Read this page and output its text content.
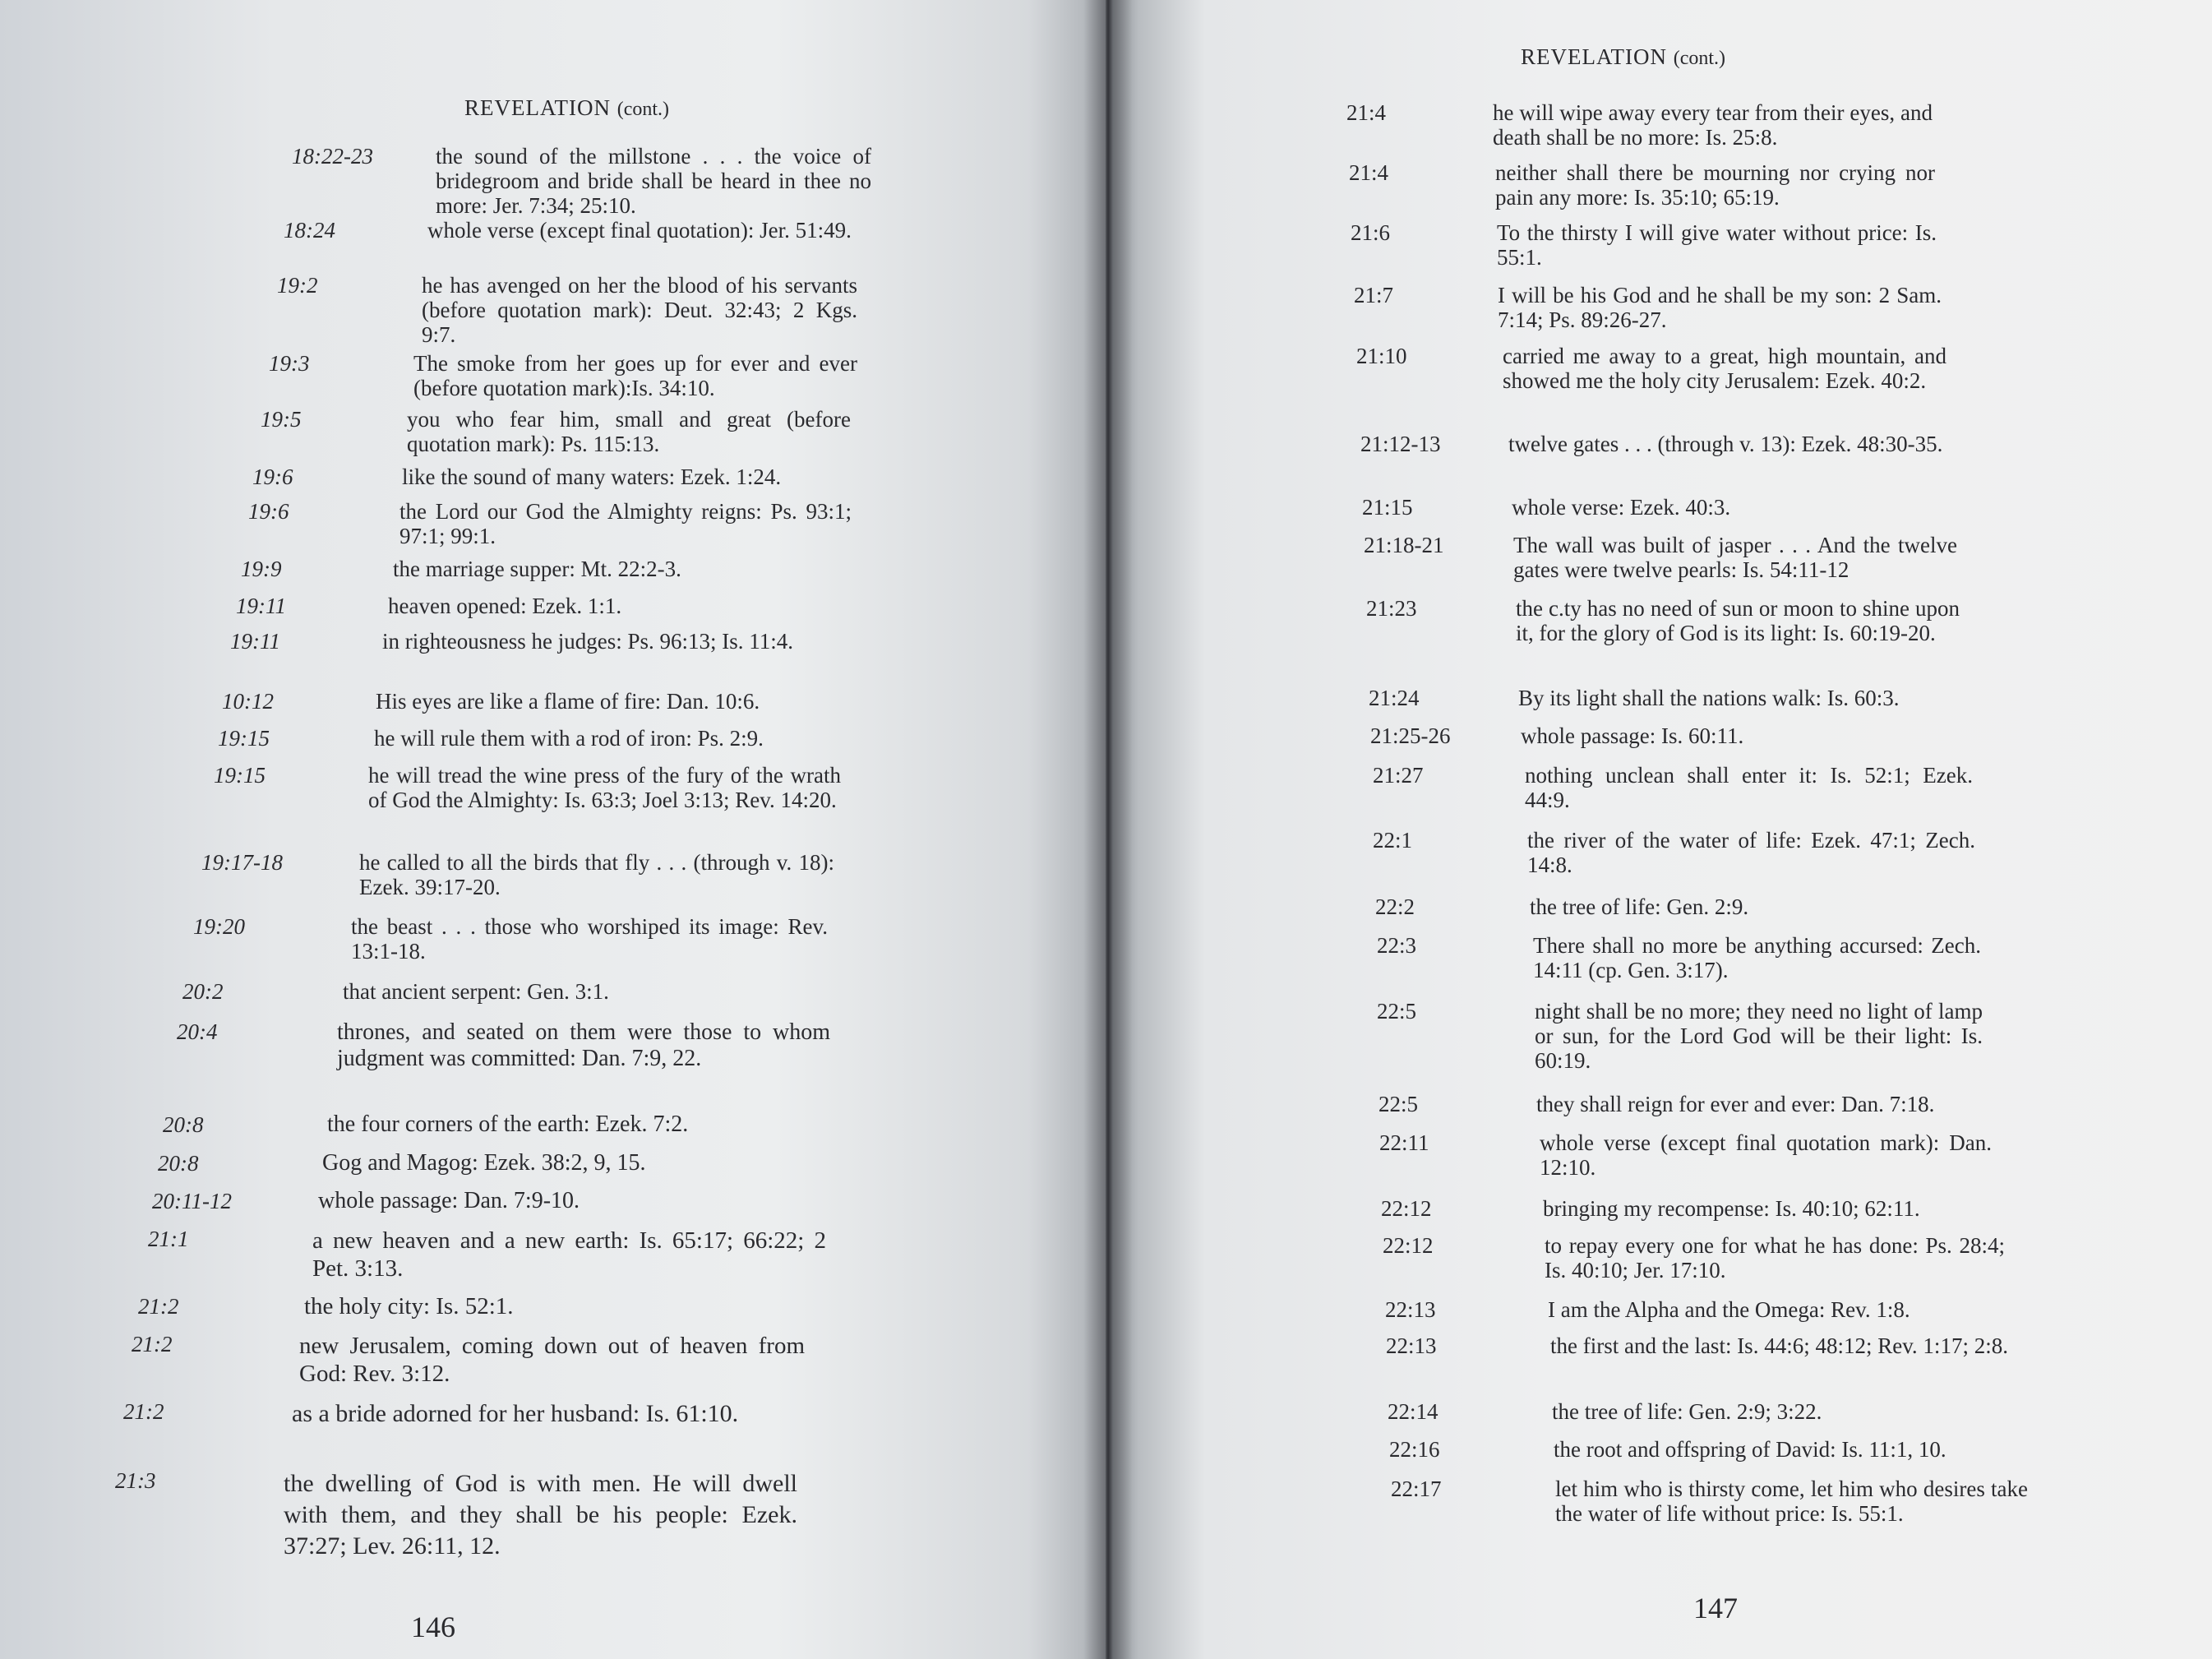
REVELATION (cont.)
18:22-23	the sound of the millstone . . . the voice of bridegroom and bride shall be heard in thee no more: Jer. 7:34; 25:10.
18:24	whole verse (except final quotation): Jer. 51:49.
19:2	he has avenged on her the blood of his servants (before quotation mark): Deut. 32:43; 2 Kgs. 9:7.
19:3	The smoke from her goes up for ever and ever (before quotation mark):Is. 34:10.
19:5	you who fear him, small and great (before quotation mark): Ps. 115:13.
19:6	like the sound of many waters: Ezek. 1:24.
19:6	the Lord our God the Almighty reigns: Ps. 93:1; 97:1; 99:1.
19:9	the marriage supper: Mt. 22:2-3.
19:11	heaven opened: Ezek. 1:1.
19:11	in righteousness he judges: Ps. 96:13; Is. 11:4.
10:12	His eyes are like a flame of fire: Dan. 10:6.
19:15	he will rule them with a rod of iron: Ps. 2:9.
19:15	he will tread the wine press of the fury of the wrath of God the Almighty: Is. 63:3; Joel 3:13; Rev. 14:20.
19:17-18	he called to all the birds that fly . . . (through v. 18): Ezek. 39:17-20.
19:20	the beast . . . those who worshiped its image: Rev. 13:1-18.
20:2	that ancient serpent: Gen. 3:1.
20:4	thrones, and seated on them were those to whom judgment was committed: Dan. 7:9, 22.
20:8	the four corners of the earth: Ezek. 7:2.
20:8	Gog and Magog: Ezek. 38:2, 9, 15.
20:11-12	whole passage: Dan. 7:9-10.
21:1	a new heaven and a new earth: Is. 65:17; 66:22; 2 Pet. 3:13.
21:2	the holy city: Is. 52:1.
21:2	new Jerusalem, coming down out of heaven from God: Rev. 3:12.
21:2	as a bride adorned for her husband: Is. 61:10.
21:3	the dwelling of God is with men. He will dwell with them, and they shall be his people: Ezek. 37:27; Lev. 26:11, 12.
146
REVELATION (cont.)
21:4	he will wipe away every tear from their eyes, and death shall be no more: Is. 25:8.
21:4	neither shall there be mourning nor crying nor pain any more: Is. 35:10; 65:19.
21:6	To the thirsty I will give water without price: Is. 55:1.
21:7	I will be his God and he shall be my son: 2 Sam. 7:14; Ps. 89:26-27.
21:10	carried me away to a great, high mountain, and showed me the holy city Jerusalem: Ezek. 40:2.
21:12-13	twelve gates . . . (through v. 13): Ezek. 48:30-35.
21:15	whole verse: Ezek. 40:3.
21:18-21	The wall was built of jasper . . . And the twelve gates were twelve pearls: Is. 54:11-12
21:23	the c.ty has no need of sun or moon to shine upon it, for the glory of God is its light: Is. 60:19-20.
21:24	By its light shall the nations walk: Is. 60:3.
21:25-26	whole passage: Is. 60:11.
21:27	nothing unclean shall enter it: Is. 52:1; Ezek. 44:9.
22:1	the river of the water of life: Ezek. 47:1; Zech. 14:8.
22:2	the tree of life: Gen. 2:9.
22:3	There shall no more be anything accursed: Zech. 14:11 (cp. Gen. 3:17).
22:5	night shall be no more; they need no light of lamp or sun, for the Lord God will be their light: Is. 60:19.
22:5	they shall reign for ever and ever: Dan. 7:18.
22:11	whole verse (except final quotation mark): Dan. 12:10.
22:12	bringing my recompense: Is. 40:10; 62:11.
22:12	to repay every one for what he has done: Ps. 28:4; Is. 40:10; Jer. 17:10.
22:13	I am the Alpha and the Omega: Rev. 1:8.
22:13	the first and the last: Is. 44:6; 48:12; Rev. 1:17; 2:8.
22:14	the tree of life: Gen. 2:9; 3:22.
22:16	the root and offspring of David: Is. 11:1, 10.
22:17	let him who is thirsty come, let him who desires take the water of life without price: Is. 55:1.
147
